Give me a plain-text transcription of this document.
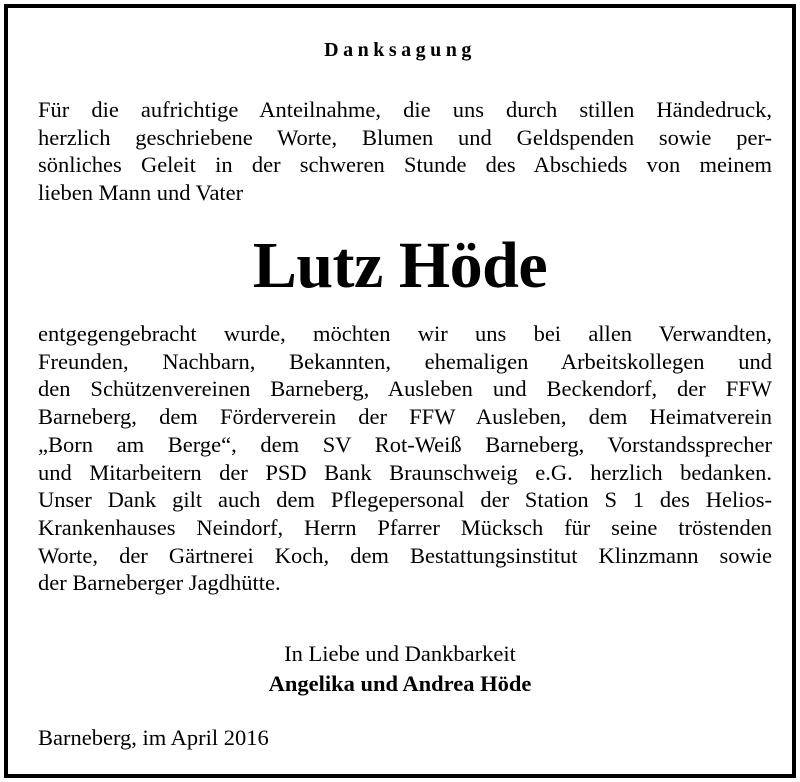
Danksagung
Für die aufrichtige Anteilnahme, die uns durch stillen Händedruck,
herzlich geschriebene Worte, Blumen und Geldspenden sowie per-
sönliches Geleit in der schweren Stunde des Abschieds von meinem
lieben Mann und Vater
Lutz Höde
entgegengebracht wurde, möchten wir uns bei allen Verwandten,
Freunden, Nachbarn, Bekannten, ehemaligen Arbeitskollegen und
den Schützenvereinen Barneberg, Ausleben und Beckendorf, der FFW
Barneberg, dem Förderverein der FFW Ausleben, dem Heimatverein
„Born am Berge“, dem SV Rot-Weiß Barneberg, Vorstandssprecher
und Mitarbeitern der PSD Bank Braunschweig e.G. herzlich bedanken.
Unser Dank gilt auch dem Pflegepersonal der Station S 1 des Helios-
Krankenhauses Neindorf, Herrn Pfarrer Mücksch für seine tröstenden
Worte, der Gärtnerei Koch, dem Bestattungsinstitut Klinzmann sowie
der Barneberger Jagdhütte.
In Liebe und Dankbarkeit
Angelika und Andrea Höde
Barneberg, im April 2016
